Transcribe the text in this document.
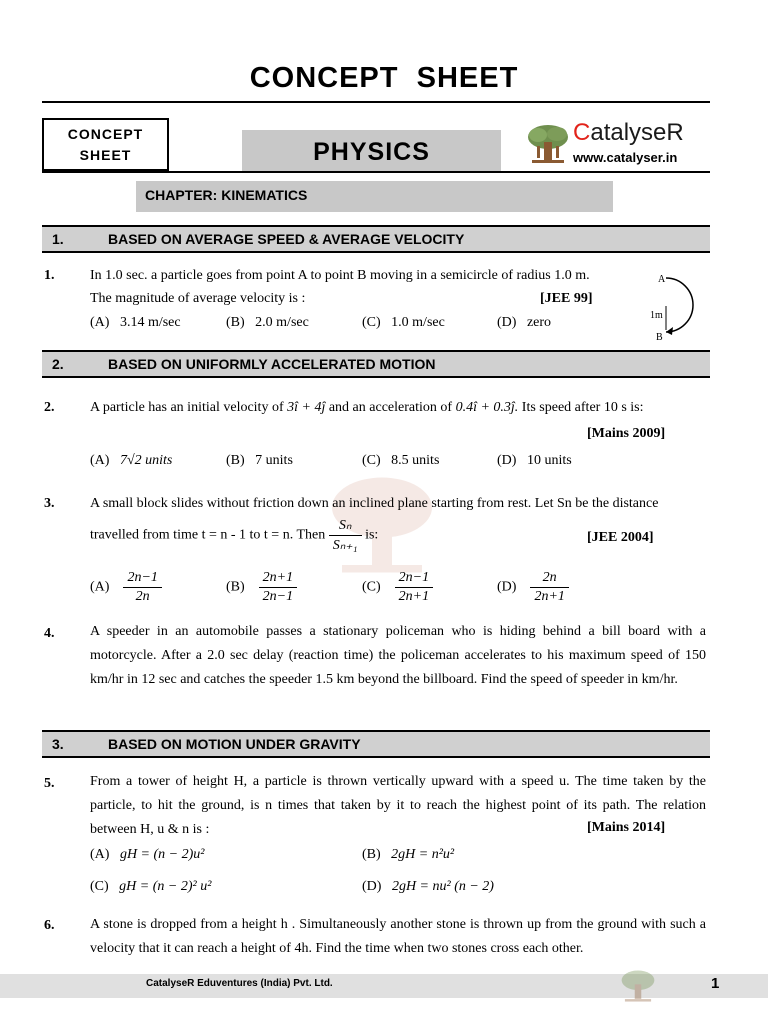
CONCEPT  SHEET
CONCEPT
SHEET	PHYSICS
CatalyseR
www.catalyser.in
CHAPTER: KINEMATICS
1.	BASED ON AVERAGE SPEED & AVERAGE VELOCITY
1.	In 1.0 sec. a particle goes from point A to point B moving in a semicircle of radius 1.0 m.
The magnitude of average velocity is :	[JEE 99]
(A) 3.14 m/sec	(B) 2.0 m/sec	(C) 1.0 m/sec	(D) zero
A
B
1m
2.	BASED ON UNIFORMLY ACCELERATED MOTION
2.	A particle has an initial velocity of 3î + 4ĵ and an acceleration of 0.4î + 0.3ĵ. Its speed after 10 s is:
[Mains 2009]
(A) 7√2 units	(B) 7 units	(C) 8.5 units	(D) 10 units
3.	A small block slides without friction down an inclined plane starting from rest. Let Sn be the distance
travelled from time t = n - 1 to t = n. Then $\frac{\text{Sₙ}}{\text{Sₙ₊₁}}$ is:	[JEE 2004]
$(A) \frac{2n-1}{2n}$	$(B) \frac{2n+1}{2n-1}$	$(C) \frac{2n-1}{2n+1}$	$(D) \frac{2n}{2n+1}$
4.	A speeder in an automobile passes a stationary policeman who is hiding behind a bill board with a motorcycle. After a 2.0 sec delay (reaction time) the policeman accelerates to his maximum speed of 150 km/hr in 12 sec and catches the speeder 1.5 km beyond the billboard. Find the speed of speeder in km/hr.
3.	BASED ON MOTION UNDER GRAVITY
5.	From a tower of height H, a particle is thrown vertically upward with a speed u. The time taken by the particle, to hit the ground, is n times that taken by it to reach the highest point of its path. The relation between H, u & n is :	[Mains 2014]
(A) gH = (n − 2)u²	(B) 2gH = n²u²
(C) gH = (n − 2)² u²	(D) 2gH = nu² (n − 2)
6.	A stone is dropped from a height h . Simultaneously another stone is thrown up from the ground with such a velocity that it can reach a height of 4h. Find the time when two stones cross each other.
CatalyseR Eduventures (India) Pvt. Ltd.	1
